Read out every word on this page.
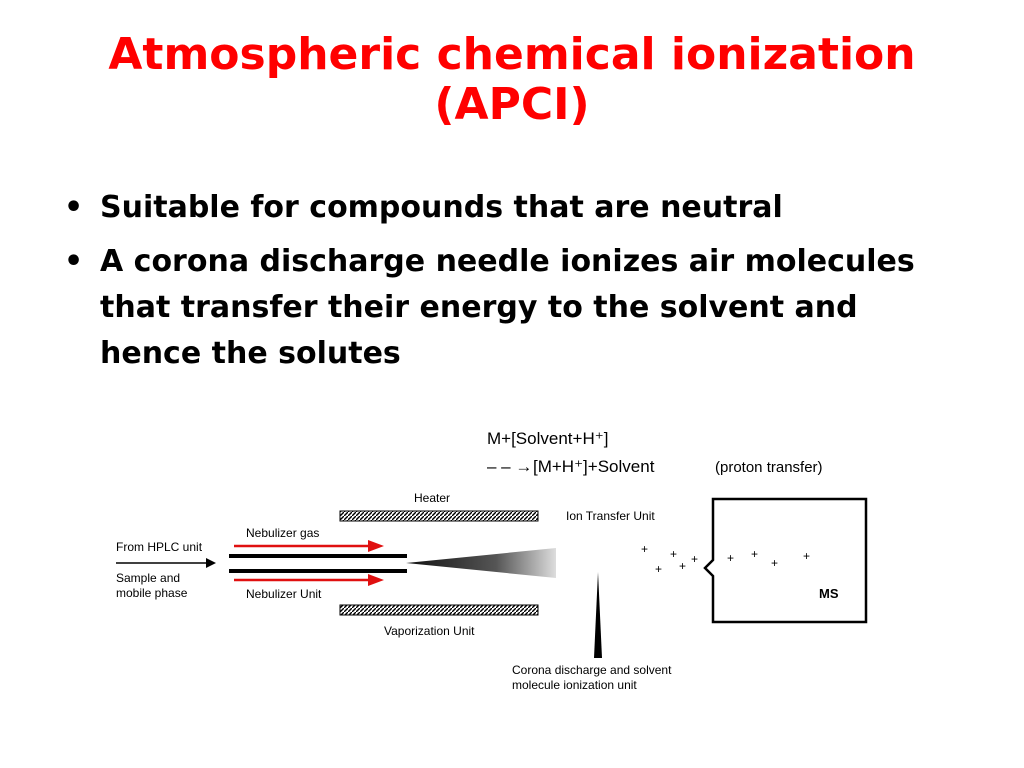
Atmospheric chemical ionization
(APCI)
• Suitable for compounds that are neutral
• A corona discharge needle ionizes air molecules that transfer their energy to the solvent and hence the solutes
M+[Solvent+H⁺]
– – → [M+H⁺]+Solvent	(proton transfer)
Heater
Nebulizer gas
From HPLC unit
Sample and
mobile phase	Nebulizer Unit
Vaporization Unit
Corona discharge and solvent
molecule ionization unit
Ion Transfer Unit
+ +
+ + + + +
+ +
MS
